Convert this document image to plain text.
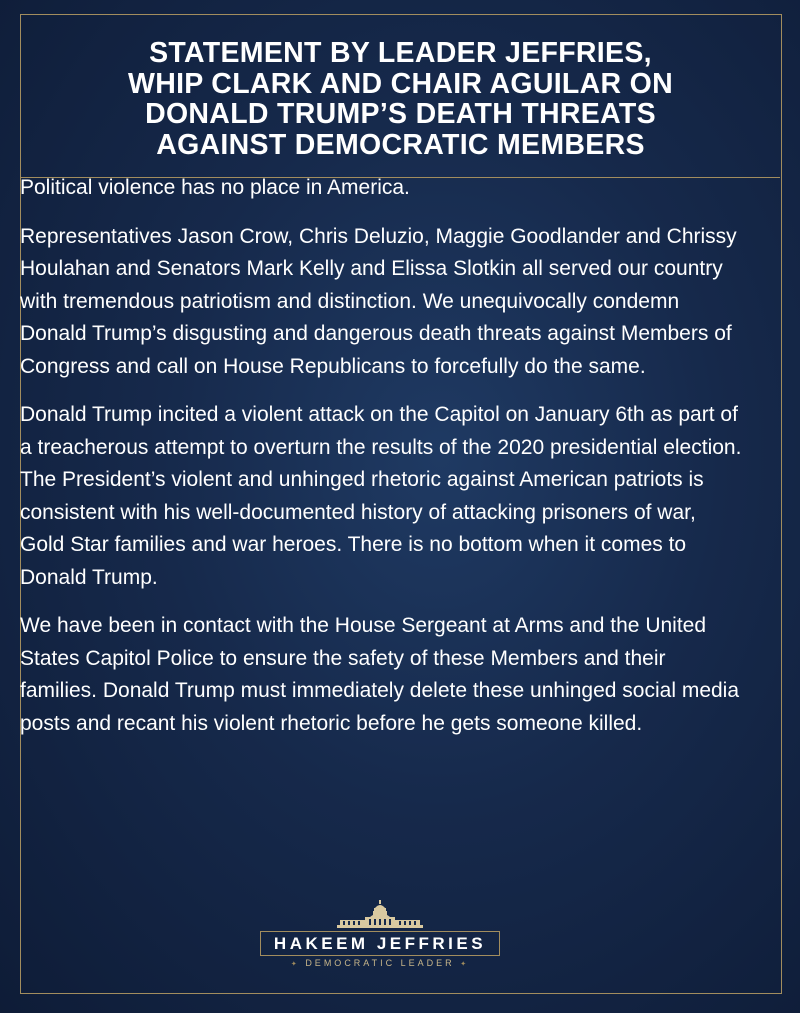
STATEMENT BY LEADER JEFFRIES,
WHIP CLARK AND CHAIR AGUILAR ON
DONALD TRUMP’S DEATH THREATS
AGAINST DEMOCRATIC MEMBERS

Political violence has no place in America.

Representatives Jason Crow, Chris Deluzio, Maggie Goodlander and Chrissy Houlahan and Senators Mark Kelly and Elissa Slotkin all served our country with tremendous patriotism and distinction. We unequivocally condemn Donald Trump’s disgusting and dangerous death threats against Members of Congress and call on House Republicans to forcefully do the same.

Donald Trump incited a violent attack on the Capitol on January 6th as part of a treacherous attempt to overturn the results of the 2020 presidential election. The President’s violent and unhinged rhetoric against American patriots is consistent with his well-documented history of attacking prisoners of war, Gold Star families and war heroes. There is no bottom when it comes to Donald Trump.

We have been in contact with the House Sergeant at Arms and the United States Capitol Police to ensure the safety of these Members and their families. Donald Trump must immediately delete these unhinged social media posts and recant his violent rhetoric before he gets someone killed.

HAKEEM JEFFRIES
✦ DEMOCRATIC LEADER ✦
